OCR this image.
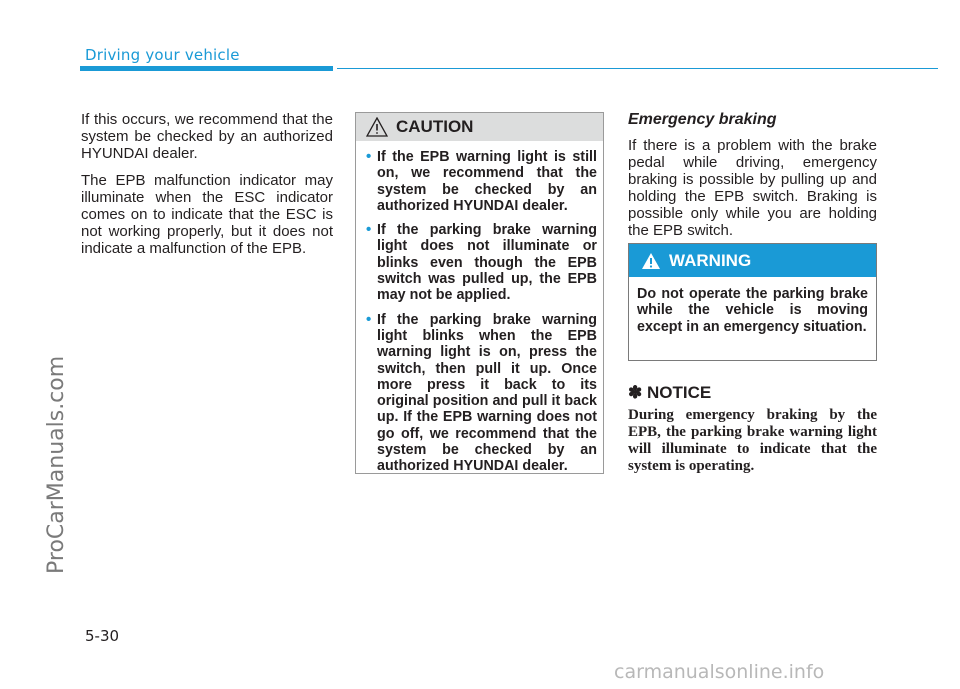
Driving your vehicle
ProCarManuals.com

If this occurs, we recommend that the system be checked by an authorized HYUNDAI dealer.

The EPB malfunction indicator may illuminate when the ESC indicator comes on to indicate that the ESC is not working properly, but it does not indicate a malfunction of the EPB.

CAUTION
• If the EPB warning light is still on, we recommend that the system be checked by an authorized HYUNDAI dealer.
• If the parking brake warning light does not illuminate or blinks even though the EPB switch was pulled up, the EPB may not be applied.
• If the parking brake warning light blinks when the EPB warning light is on, press the switch, then pull it up. Once more press it back to its original position and pull it back up. If the EPB warning does not go off, we recommend that the system be checked by an authorized HYUNDAI dealer.
Emergency braking

If there is a problem with the brake pedal while driving, emergency braking is possible by pulling up and holding the EPB switch. Braking is possible only while you are holding the EPB switch.

WARNING
Do not operate the parking brake while the vehicle is moving except in an emergency situation.
✽ NOTICE
During emergency braking by the EPB, the parking brake warning light will illuminate to indicate that the system is operating.
5-30
carmanualsonline.info
